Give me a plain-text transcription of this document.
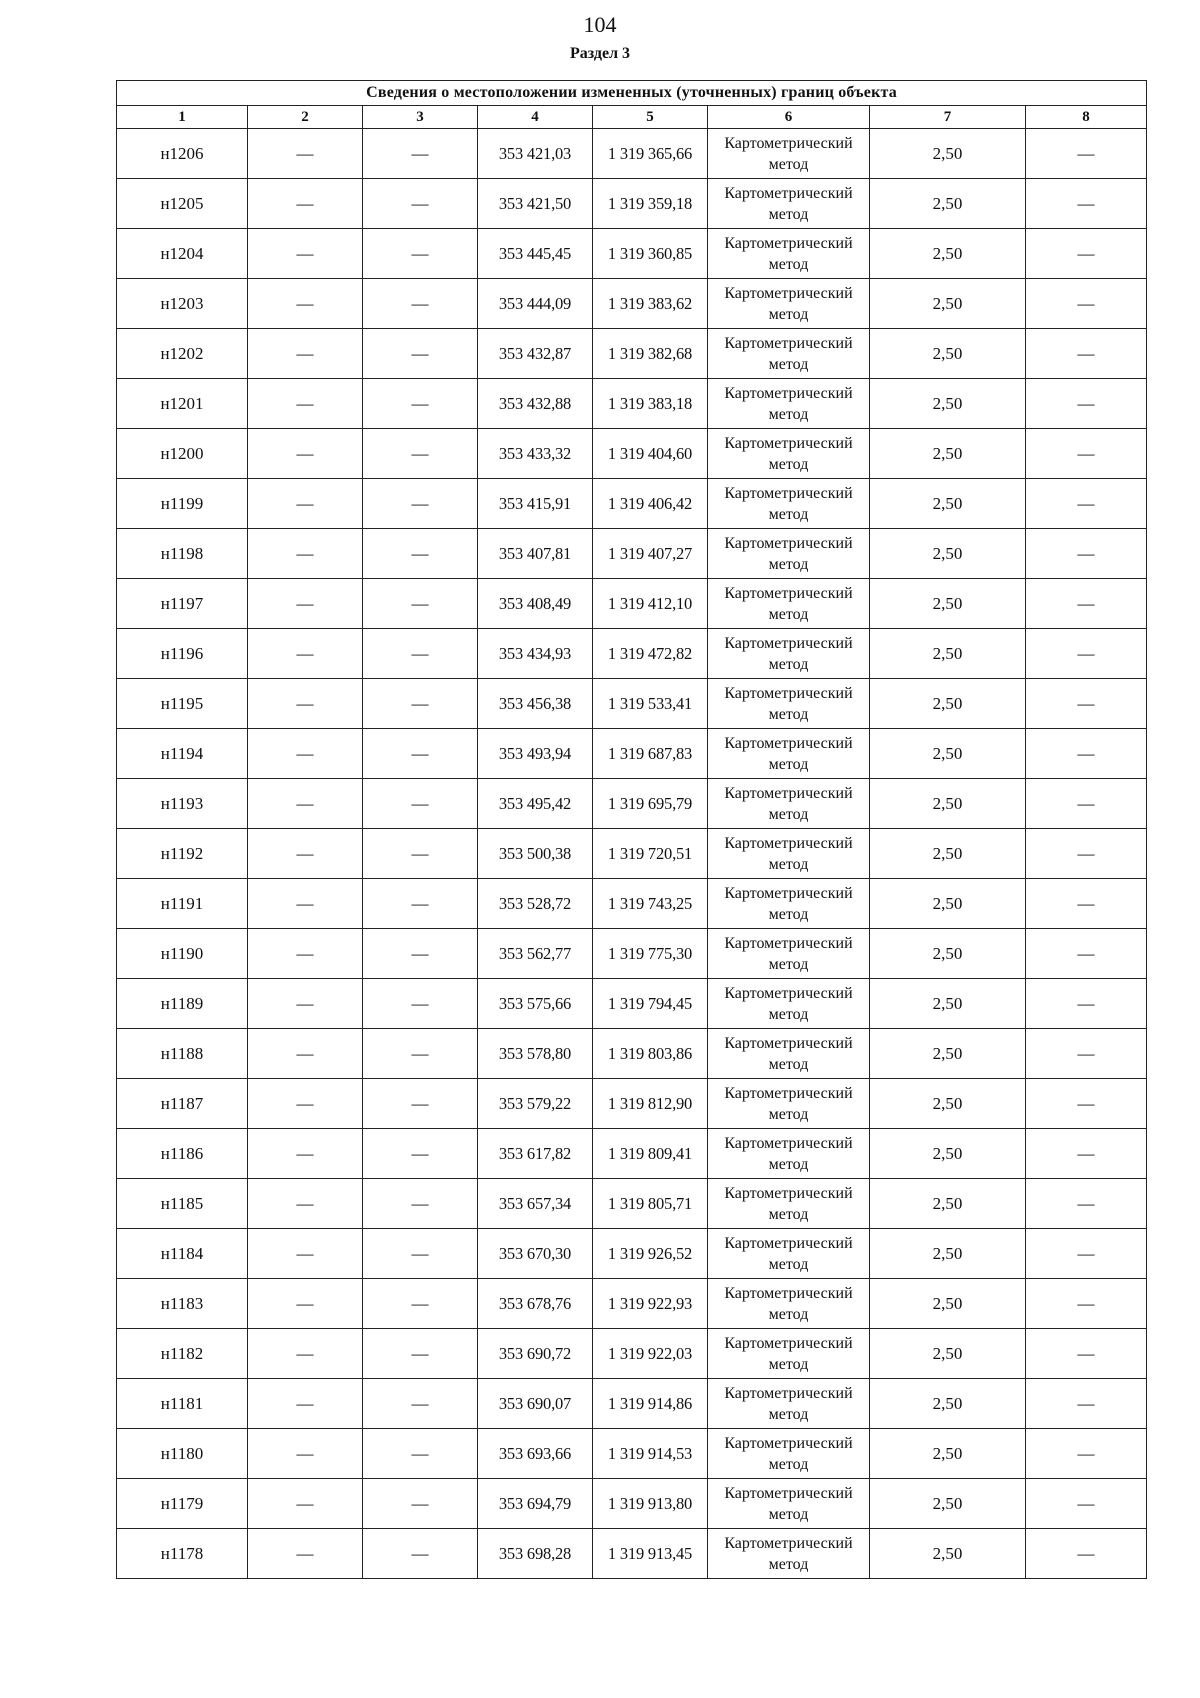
104
Раздел 3
Сведения о местоположении измененных (уточненных) границ объекта							
1	2	3	4	5	6	7	8
н1206	—	—	353 421,03	1 319 365,66	Картометрический метод	2,50	—
н1205	—	—	353 421,50	1 319 359,18	Картометрический метод	2,50	—
н1204	—	—	353 445,45	1 319 360,85	Картометрический метод	2,50	—
н1203	—	—	353 444,09	1 319 383,62	Картометрический метод	2,50	—
н1202	—	—	353 432,87	1 319 382,68	Картометрический метод	2,50	—
н1201	—	—	353 432,88	1 319 383,18	Картометрический метод	2,50	—
н1200	—	—	353 433,32	1 319 404,60	Картометрический метод	2,50	—
н1199	—	—	353 415,91	1 319 406,42	Картометрический метод	2,50	—
н1198	—	—	353 407,81	1 319 407,27	Картометрический метод	2,50	—
н1197	—	—	353 408,49	1 319 412,10	Картометрический метод	2,50	—
н1196	—	—	353 434,93	1 319 472,82	Картометрический метод	2,50	—
н1195	—	—	353 456,38	1 319 533,41	Картометрический метод	2,50	—
н1194	—	—	353 493,94	1 319 687,83	Картометрический метод	2,50	—
н1193	—	—	353 495,42	1 319 695,79	Картометрический метод	2,50	—
н1192	—	—	353 500,38	1 319 720,51	Картометрический метод	2,50	—
н1191	—	—	353 528,72	1 319 743,25	Картометрический метод	2,50	—
н1190	—	—	353 562,77	1 319 775,30	Картометрический метод	2,50	—
н1189	—	—	353 575,66	1 319 794,45	Картометрический метод	2,50	—
н1188	—	—	353 578,80	1 319 803,86	Картометрический метод	2,50	—
н1187	—	—	353 579,22	1 319 812,90	Картометрический метод	2,50	—
н1186	—	—	353 617,82	1 319 809,41	Картометрический метод	2,50	—
н1185	—	—	353 657,34	1 319 805,71	Картометрический метод	2,50	—
н1184	—	—	353 670,30	1 319 926,52	Картометрический метод	2,50	—
н1183	—	—	353 678,76	1 319 922,93	Картометрический метод	2,50	—
н1182	—	—	353 690,72	1 319 922,03	Картометрический метод	2,50	—
н1181	—	—	353 690,07	1 319 914,86	Картометрический метод	2,50	—
н1180	—	—	353 693,66	1 319 914,53	Картометрический метод	2,50	—
н1179	—	—	353 694,79	1 319 913,80	Картометрический метод	2,50	—
н1178	—	—	353 698,28	1 319 913,45	Картометрический метод	2,50	—
